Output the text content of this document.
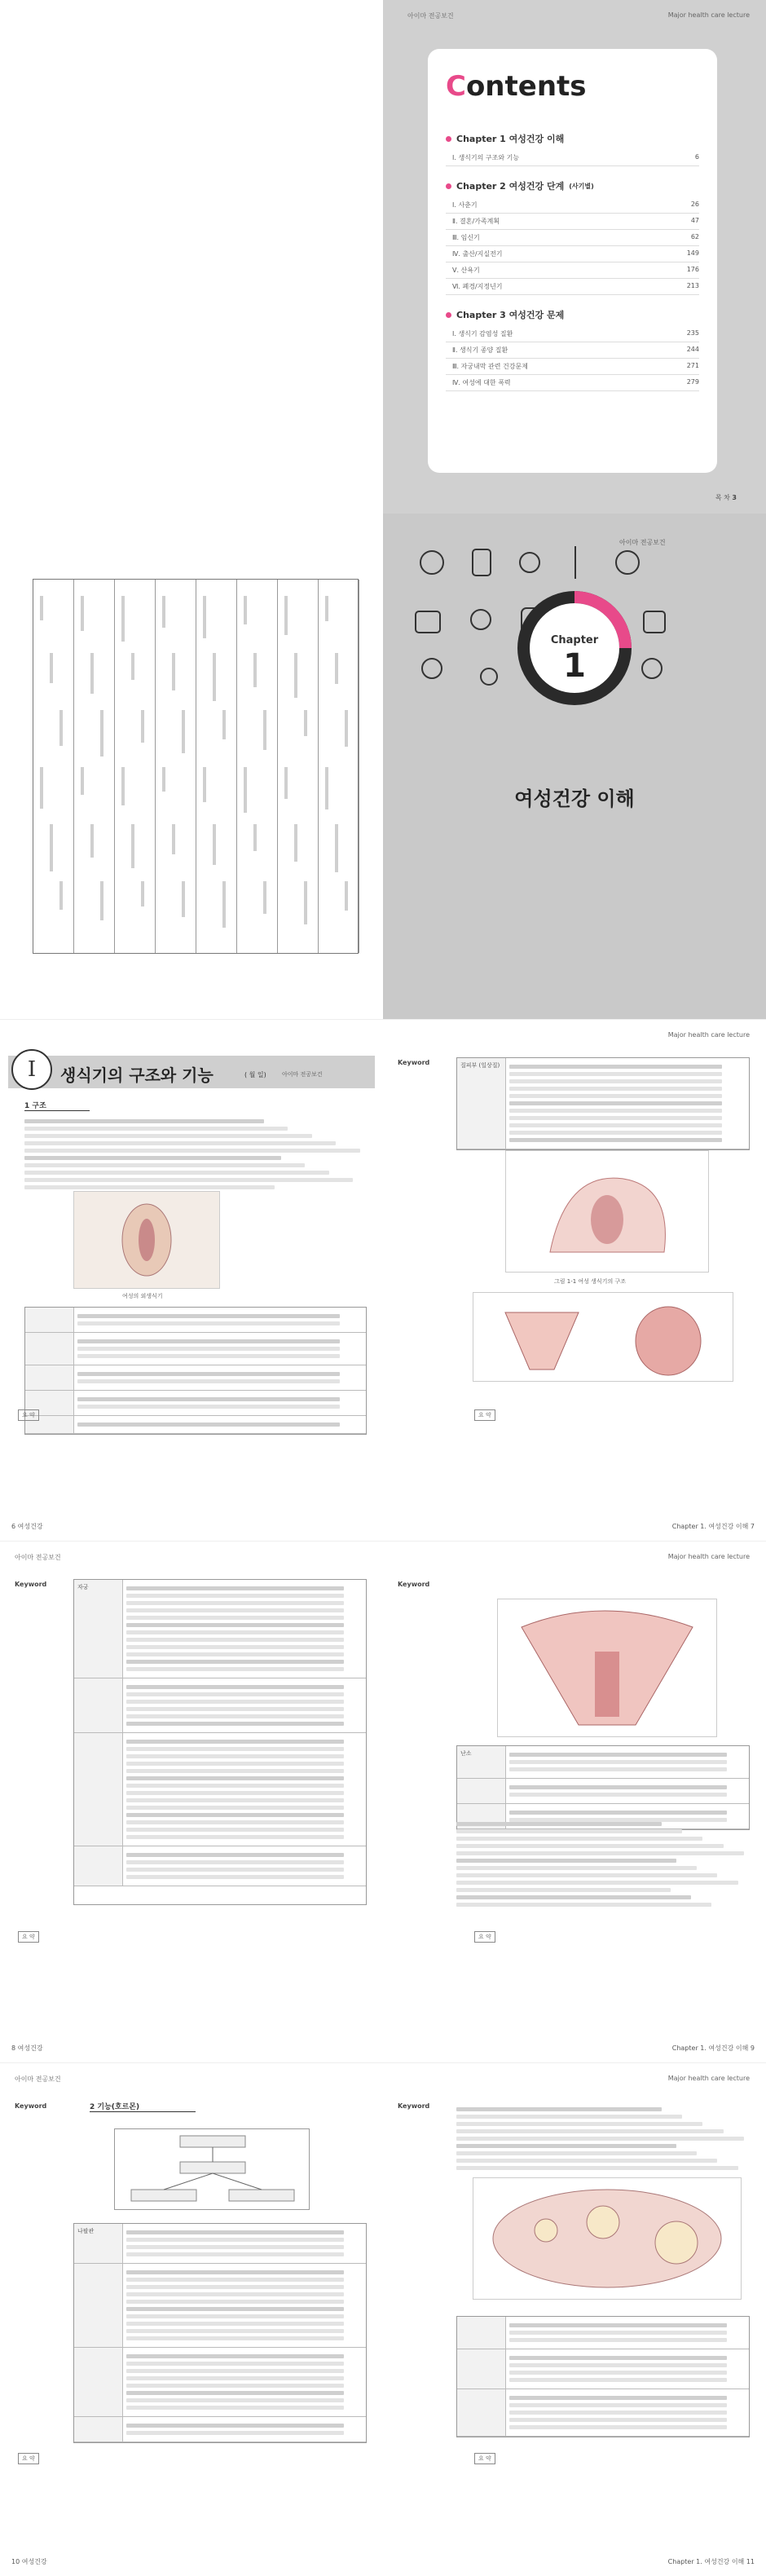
아이마 전공보건	Major health care lecture
Contents
Chapter 1 여성건강 이해
Ⅰ. 생식기의 구조와 기능	6
Chapter 2 여성건강 단계 (사기별)
Ⅰ. 사춘기	26
Ⅱ. 결혼/가족계획	47
Ⅲ. 임신기	62
Ⅳ. 출산/지실전기	149
Ⅴ. 산욕기	176
Ⅵ. 폐경/지정년기	213
Chapter 3 여성건강 문제
Ⅰ. 생식기 감염성 질환	235
Ⅱ. 생식기 종양 질환	244
Ⅲ. 자궁내막 관련 건강문제	271
Ⅳ. 여성에 대한 폭력	279
목 차 3
아이마 전공보건
Chapter
1
여성건강 이해
Ⅰ	생식기의 구조와 기능	( 월 일)	아이마 전공보건
1 구조
여성의 외생식기
요 약
6 여성건강
Major health care lecture
Keyword	질피부 (일상질)
그림 1-1 여성 생식기의 구조
요 약
Chapter 1. 여성건강 이해 7
아이마 전공보건
Keyword	자궁
요 약
8 여성건강
Major health care lecture
Keyword
난소
요 약
Chapter 1. 여성건강 이해 9
아이마 전공보건
Keyword	2 기능(호르몬)
나팔관
요 약
10 여성건강
Major health care lecture
Keyword
요 약
Chapter 1. 여성건강 이해 11
